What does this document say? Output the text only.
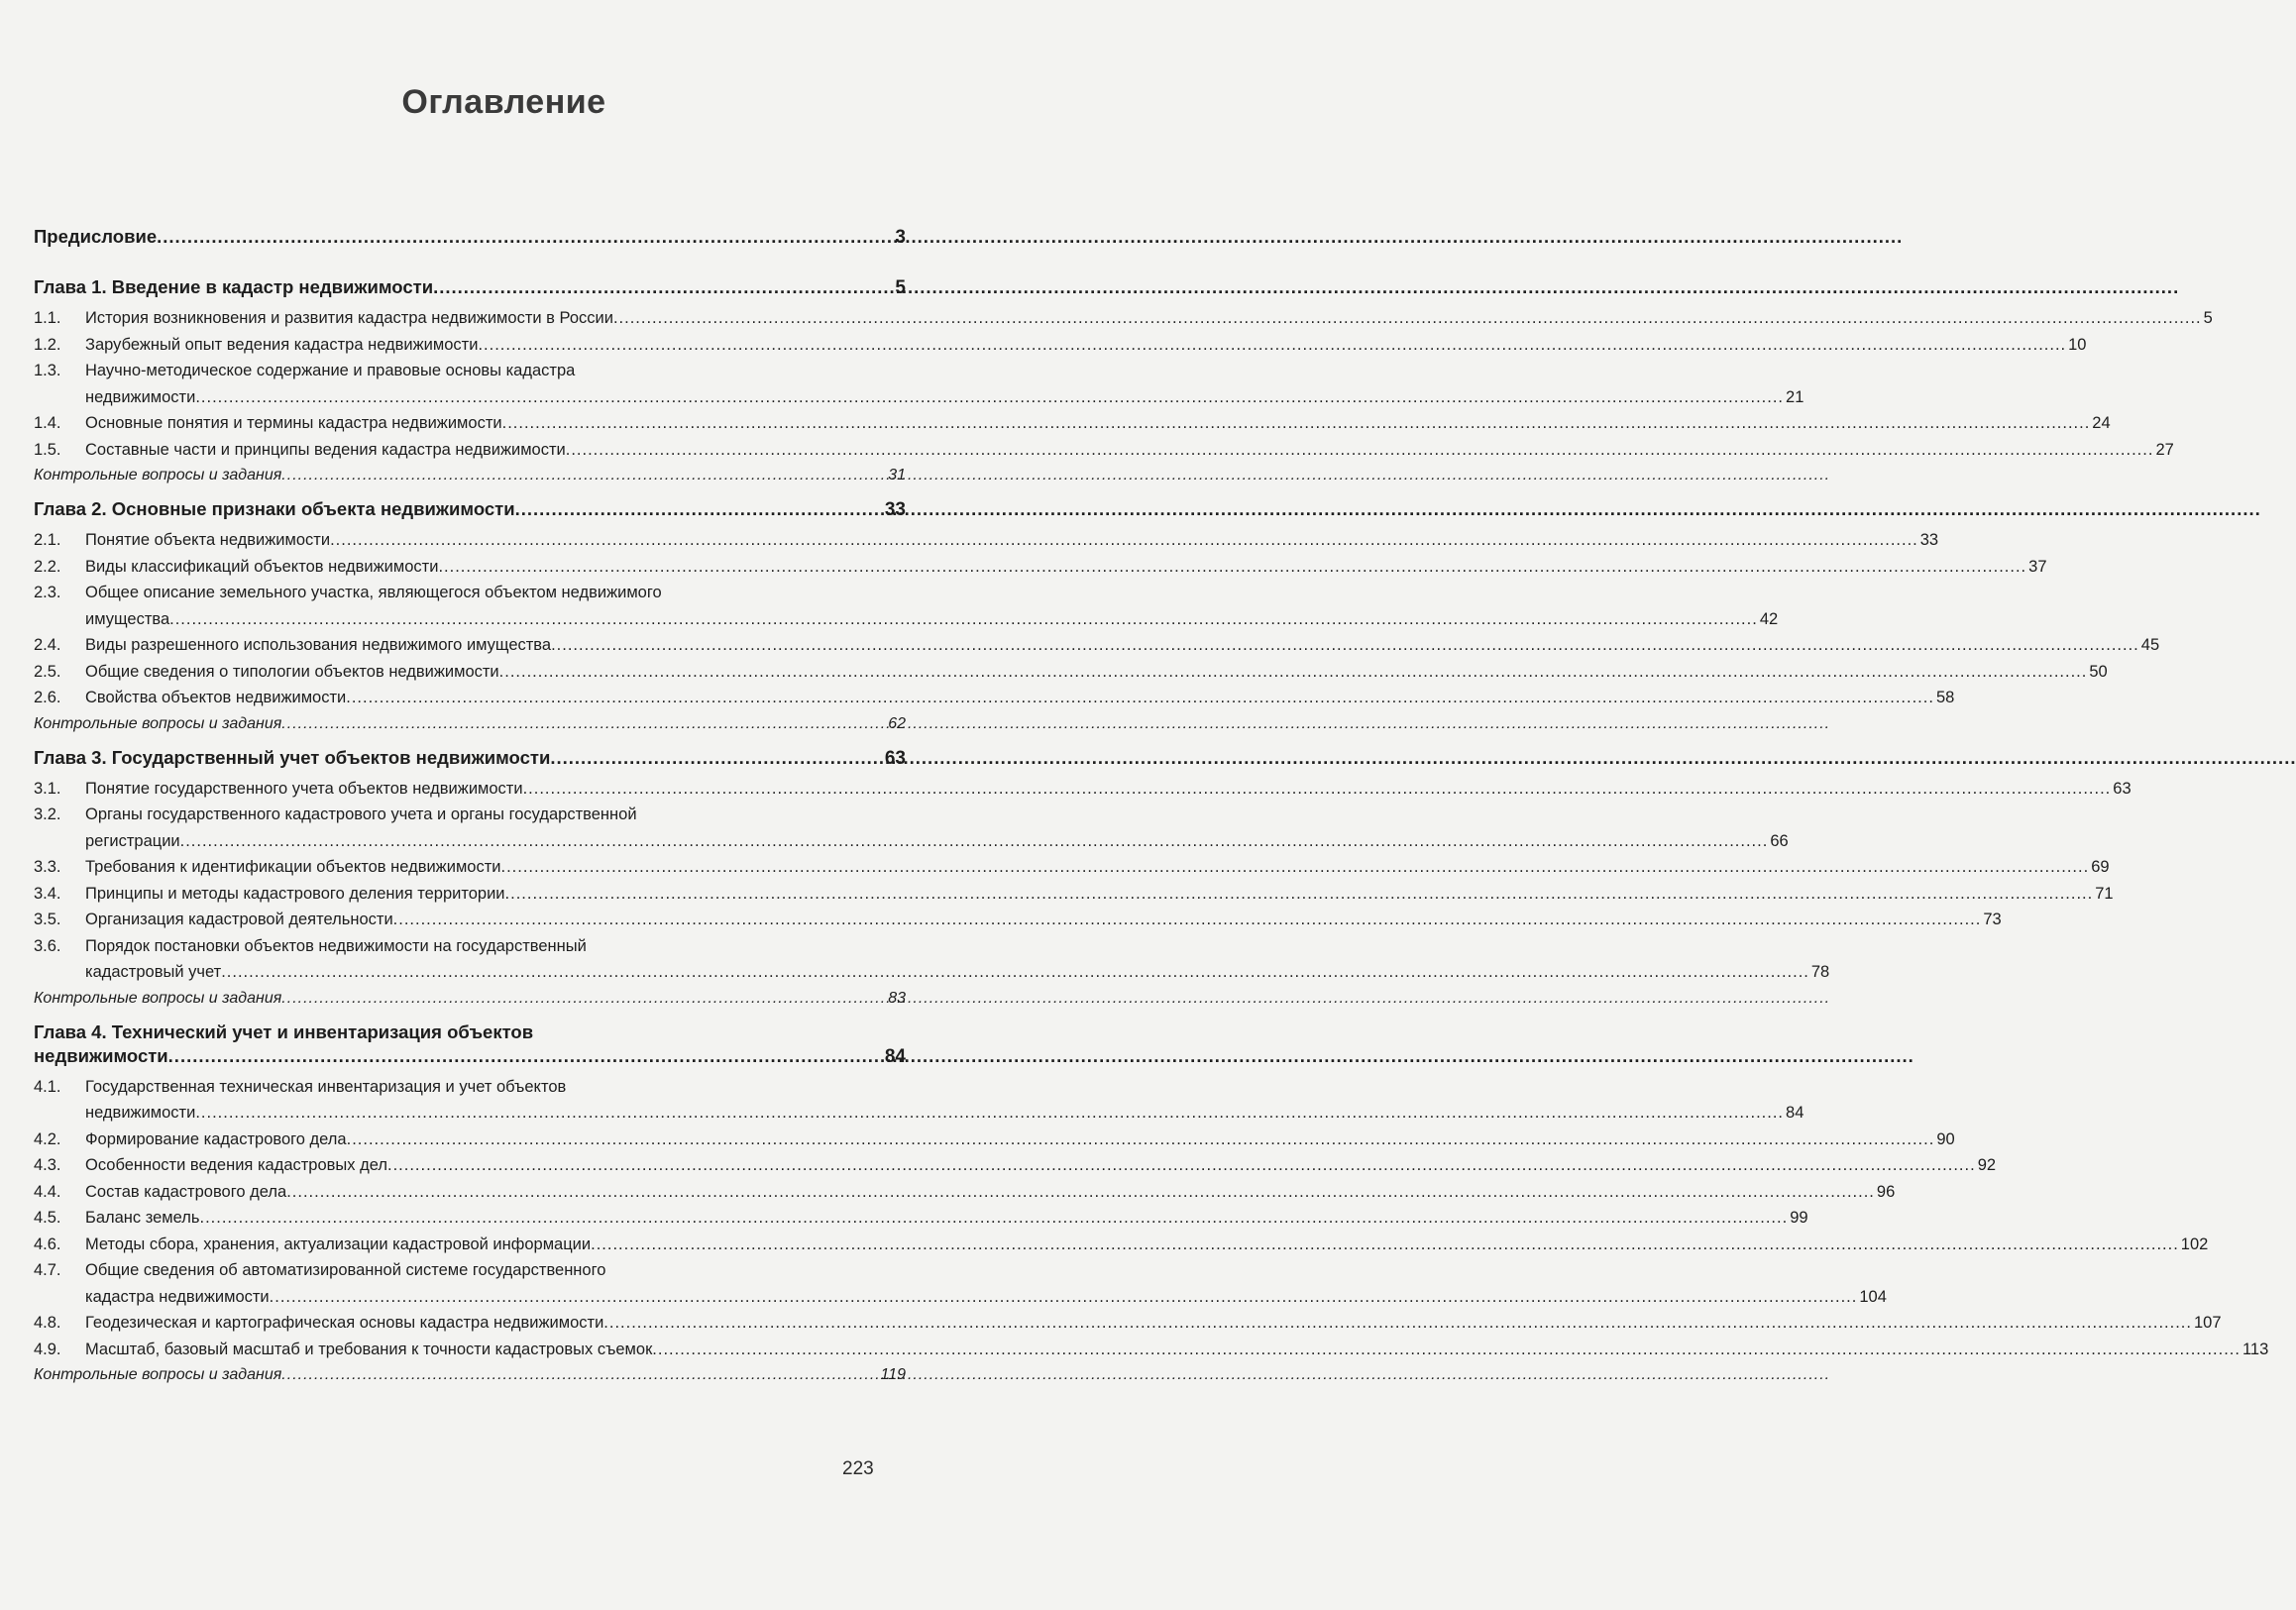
Оглавление
Предисловие .....	3
Глава 1. Введение в кадастр недвижимости .....	5
1.1.	История возникновения и развития кадастра недвижимости в России .....	5
1.2.	Зарубежный опыт ведения кадастра недвижимости .....	10
1.3.	Научно-методическое содержание и правовые основы кадастра
недвижимости .....	21
1.4.	Основные понятия и термины кадастра недвижимости .....	24
1.5.	Составные части и принципы ведения кадастра недвижимости .....	27
Контрольные вопросы и задания .....	31
Глава 2. Основные признаки объекта недвижимости .....	33
2.1.	Понятие объекта недвижимости .....	33
2.2.	Виды классификаций объектов недвижимости .....	37
2.3.	Общее описание земельного участка, являющегося объектом недвижимого
имущества .....	42
2.4.	Виды разрешенного использования недвижимого имущества .....	45
2.5.	Общие сведения о типологии объектов недвижимости .....	50
2.6.	Свойства объектов недвижимости .....	58
Контрольные вопросы и задания .....	62
Глава 3. Государственный учет объектов недвижимости .....	63
3.1.	Понятие государственного учета объектов недвижимости .....	63
3.2.	Органы государственного кадастрового учета и органы государственной
регистрации .....	66
3.3.	Требования к идентификации объектов недвижимости .....	69
3.4.	Принципы и методы кадастрового деления территории .....	71
3.5.	Организация кадастровой деятельности .....	73
3.6.	Порядок постановки объектов недвижимости на государственный
кадастровый учет .....	78
Контрольные вопросы и задания .....	83
Глава 4. Технический учет и инвентаризация объектов
недвижимости .....	84
4.1.	Государственная техническая инвентаризация и учет объектов
недвижимости .....	84
4.2.	Формирование кадастрового дела .....	90
4.3.	Особенности ведения кадастровых дел .....	92
4.4.	Состав кадастрового дела .....	96
4.5.	Баланс земель .....	99
4.6.	Методы сбора, хранения, актуализации кадастровой информации .....	102
4.7.	Общие сведения об автоматизированной системе государственного
кадастра недвижимости .....	104
4.8.	Геодезическая и картографическая основы кадастра недвижимости .....	107
4.9.	Масштаб, базовый масштаб и требования к точности кадастровых съемок .....	113
Контрольные вопросы и задания .....	119
223
